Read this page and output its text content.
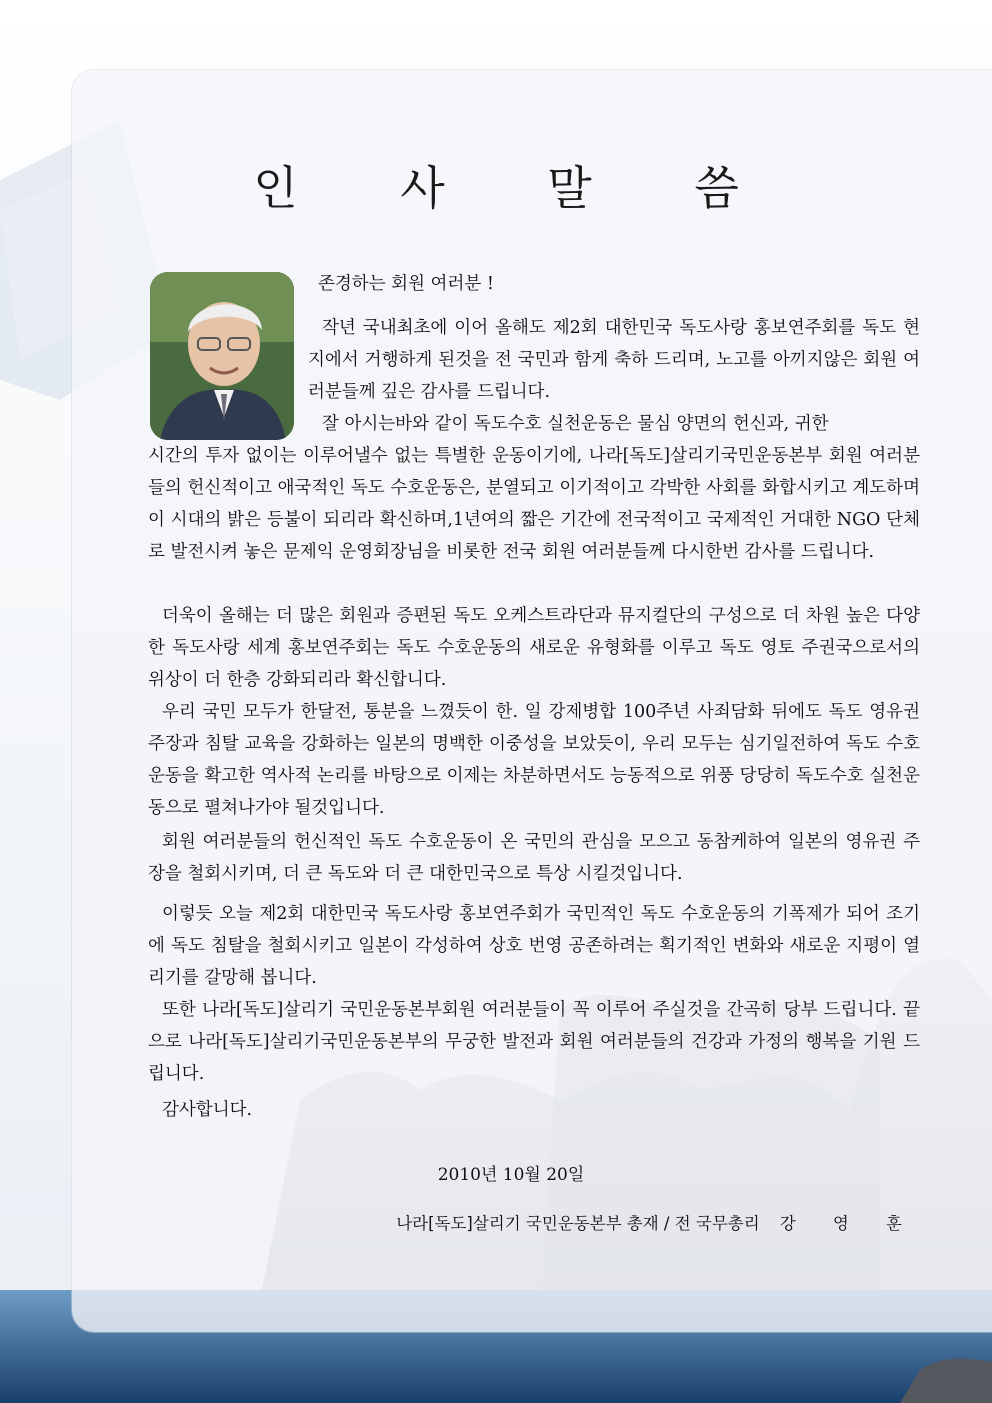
인 사 말 씀
존경하는 회원 여러분 !
작년 국내최초에 이어 올해도 제2회 대한민국 독도사랑 홍보연주회를 독도 현지에서 거행하게 된것을 전 국민과 함게 축하 드리며, 노고를 아끼지않은 회원 여러분들께 깊은 감사를 드립니다.
잘 아시는바와 같이 독도수호 실천운동은 물심 양면의 헌신과, 귀한
시간의 투자 없이는 이루어낼수 없는 특별한 운동이기에, 나라[독도]살리기국민운동본부 회원 여러분들의 헌신적이고 애국적인 독도 수호운동은, 분열되고 이기적이고 각박한 사회를 화합시키고 계도하며 이 시대의 밝은 등불이 되리라 확신하며,1년여의 짧은 기간에 전국적이고 국제적인 거대한 NGO 단체로 발전시켜 놓은 문제익 운영회장님을 비롯한 전국 회원 여러분들께 다시한번 감사를 드립니다.
더욱이 올해는 더 많은 회원과 증편된 독도 오케스트라단과 뮤지컬단의 구성으로 더 차원 높은 다양한 독도사랑 세계 홍보연주회는 독도 수호운동의 새로운 유형화를 이루고 독도 영토 주권국으로서의 위상이 더 한층 강화되리라 확신합니다.
우리 국민 모두가 한달전, 통분을 느꼈듯이 한. 일 강제병합 100주년 사죄담화 뒤에도 독도 영유권 주장과 침탈 교육을 강화하는 일본의 명백한 이중성을 보았듯이, 우리 모두는 심기일전하여 독도 수호운동을 확고한 역사적 논리를 바탕으로 이제는 차분하면서도 능동적으로 위풍 당당히 독도수호 실천운동으로 펼쳐나가야 될것입니다.
회원 여러분들의 헌신적인 독도 수호운동이 온 국민의 관심을 모으고 동참케하여 일본의 영유권 주장을 철회시키며, 더 큰 독도와 더 큰 대한민국으로 특상 시킬것입니다.
이렇듯 오늘 제2회 대한민국 독도사랑 홍보연주회가 국민적인 독도 수호운동의 기폭제가 되어 조기에 독도 침탈을 철회시키고 일본이 각성하여 상호 번영 공존하려는 획기적인 변화와 새로운 지평이 열리기를 갈망해 봅니다.
또한 나라[독도]살리기 국민운동본부회원 여러분들이 꼭 이루어 주실것을 간곡히 당부 드립니다. 끝으로 나라[독도]살리기국민운동본부의 무궁한 발전과 회원 여러분들의 건강과 가정의 행복을 기원 드립니다.
감사합니다.
2010년 10월 20일
나라[독도]살리기 국민운동본부 총재 / 전 국무총리 강 영 훈
